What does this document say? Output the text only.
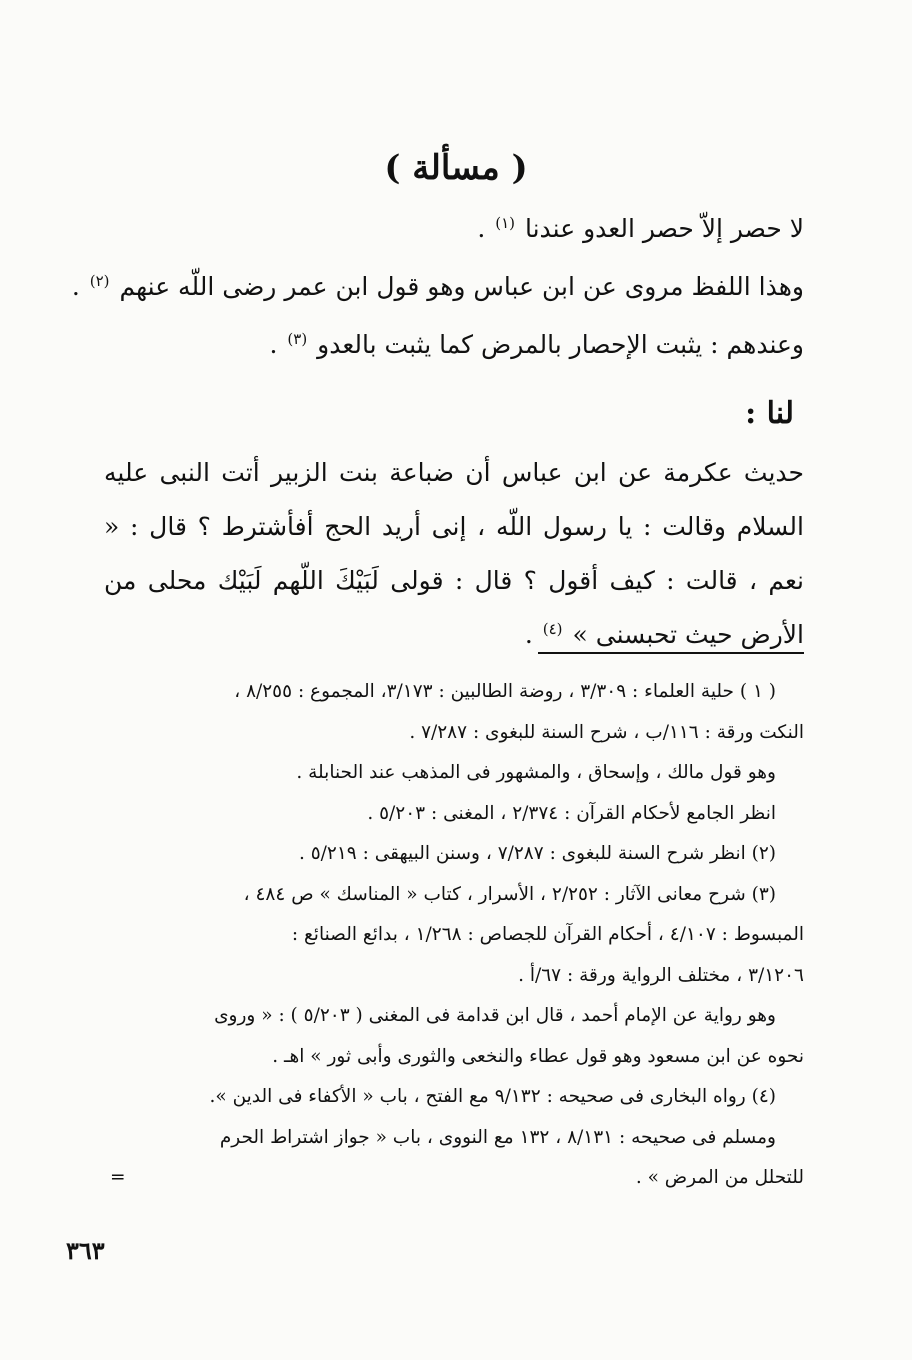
( مسألة )
لا حصر إلاّ حصر العدو عندنا $^{(١)}$ .
وهذا اللفظ مروى عن ابن عباس وهو قول ابن عمر رضى اللّه عنهم $^{(٢)}$ .
وعندهم : يثبت الإحصار بالمرض كما يثبت بالعدو $^{(٣)}$ .
لنا :

حديث عكرمة عن ابن عباس أن ضباعة بنت الزبير أتت النبى عليه السلام وقالت : يا رسول اللّه ، إنى أريد الحج أفأشترط ؟ قال : « نعم ، قالت : كيف أقول ؟ قال : قولى لَبَيْكَ اللّهم لَبَيْك محلى من الأرض حيث تحبسنى » $^{(٤)}$ .

( ١ ) حلية العلماء : ٣/٣٠٩ ، روضة الطالبين : ٣/١٧٣، المجموع : ٨/٢٥٥ ،

النكت ورقة : ١١٦/ب ، شرح السنة للبغوى : ٧/٢٨٧ .

وهو قول مالك ، وإسحاق ، والمشهور فى المذهب عند الحنابلة .

انظر الجامع لأحكام القرآن : ٢/٣٧٤ ، المغنى : ٥/٢٠٣ .

(٢) انظر شرح السنة للبغوى : ٧/٢٨٧ ، وسنن البيهقى : ٥/٢١٩ .

(٣) شرح معانى الآثار : ٢/٢٥٢ ، الأسرار ، كتاب « المناسك » ص ٤٨٤ ،

المبسوط : ٤/١٠٧ ، أحكام القرآن للجصاص : ١/٢٦٨ ، بدائع الصنائع :

٣/١٢٠٦ ، مختلف الرواية ورقة : ٦٧/أ .

وهو رواية عن الإمام أحمد ، قال ابن قدامة فى المغنى ( ٥/٢٠٣ ) : « وروى

نحوه عن ابن مسعود وهو قول عطاء والنخعى والثورى وأبى ثور » اهـ .

(٤) رواه البخارى فى صحيحه : ٩/١٣٢ مع الفتح ، باب « الأكفاء فى الدين ».

ومسلم فى صحيحه : ٨/١٣١ ، ١٣٢ مع النووى ، باب « جواز اشتراط الحرم

للتحلل من المرض » .
=

٣٦٣
